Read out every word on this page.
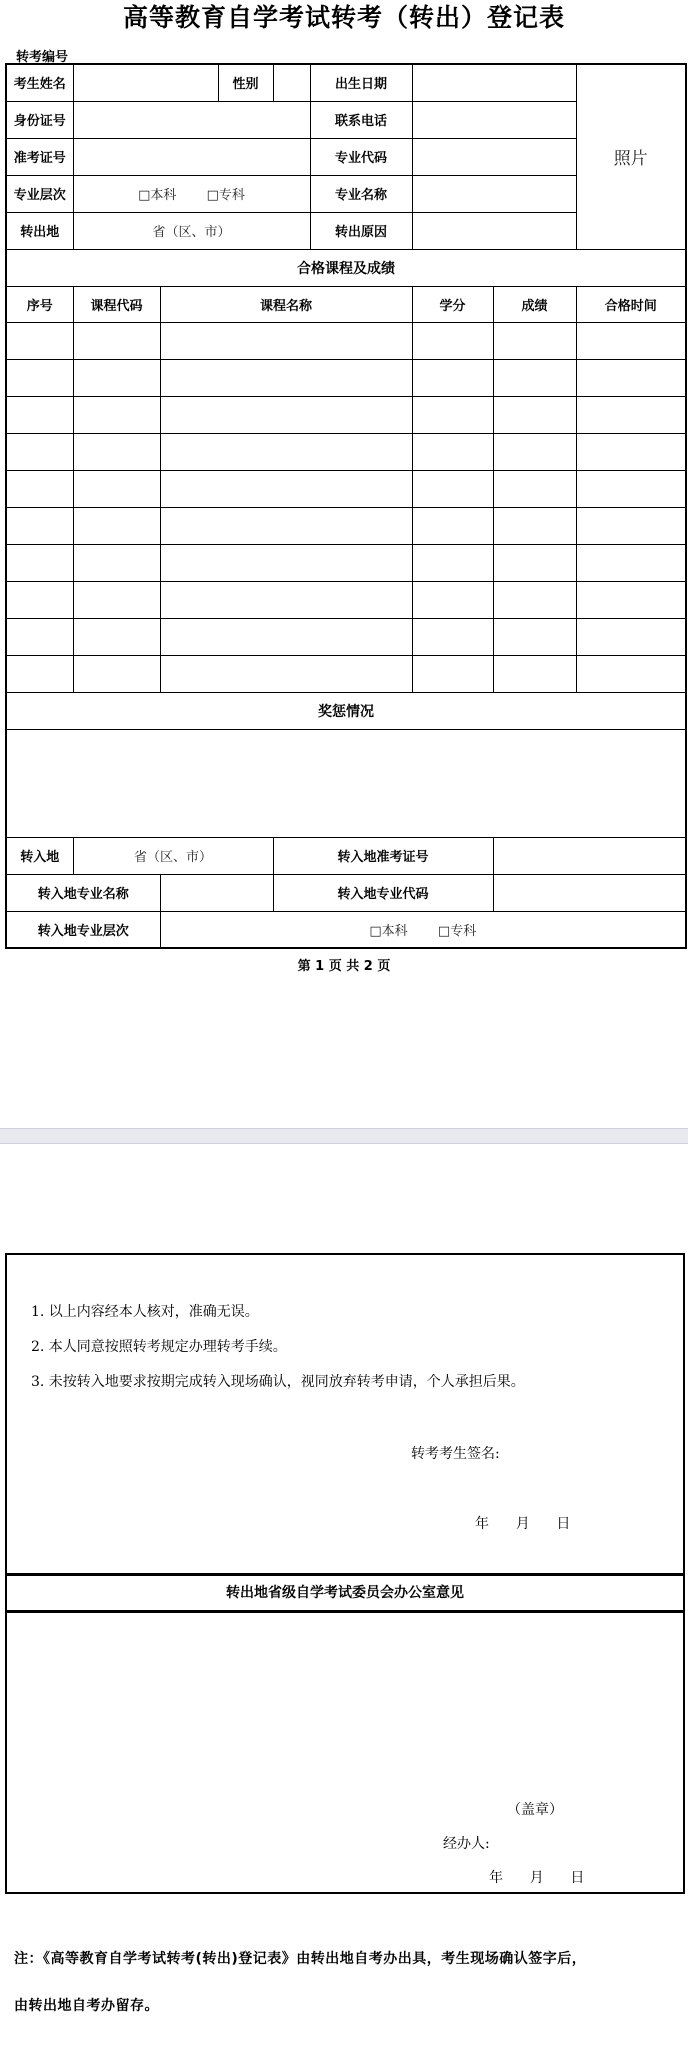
高等教育自学考试转考（转出）登记表
转考编号
考生姓名			性别		出生日期			照片
身份证号					联系电话			
准考证号					专业代码			
专业层次	□本科 □专科				专业名称			
转出地	省（区、市）				转出原因			
合格课程及成绩								
序号	课程代码	课程名称				学分	成绩	合格时间

奖惩情况								

转入地	省（区、市）			转入地准考证号				
转入地专业名称				转入地专业代码				
转入地专业层次		□本科 □专科						
第 1 页 共 2 页
1. 以上内容经本人核对，准确无误。
2. 本人同意按照转考规定办理转考手续。
3. 未按转入地要求按期完成转入现场确认，视同放弃转考申请，个人承担后果。
转考考生签名:
年      月      日
转出地省级自学考试委员会办公室意见
（盖章）
经办人:
年      月      日
注：《高等教育自学考试转考(转出)登记表》由转出地自考办出具，考生现场确认签字后，
由转出地自考办留存。
